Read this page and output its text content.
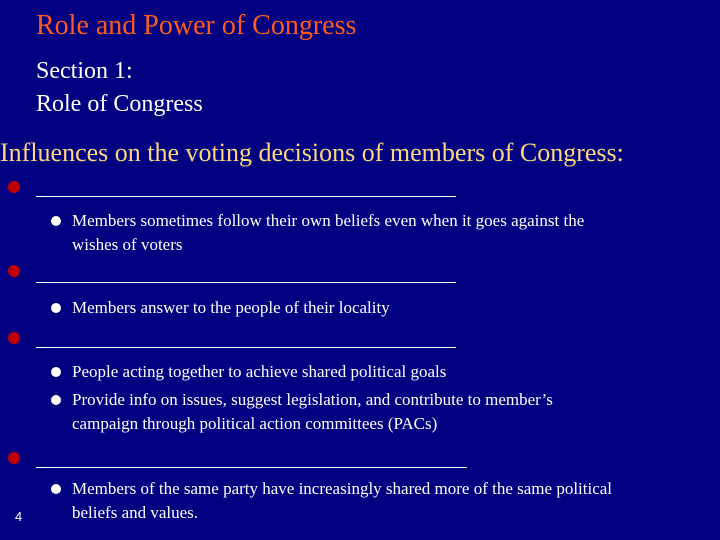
Role and Power of Congress
Section 1:
Role of Congress
Influences on the voting decisions of members of Congress:
Members sometimes follow their own beliefs even when it goes against the
wishes of voters
Members answer to the people of their locality
People acting together to achieve shared political goals
Provide info on issues, suggest legislation, and contribute to member’s
campaign through political action committees (PACs)
Members of the same party have increasingly shared more of the same political
beliefs and values.
4
